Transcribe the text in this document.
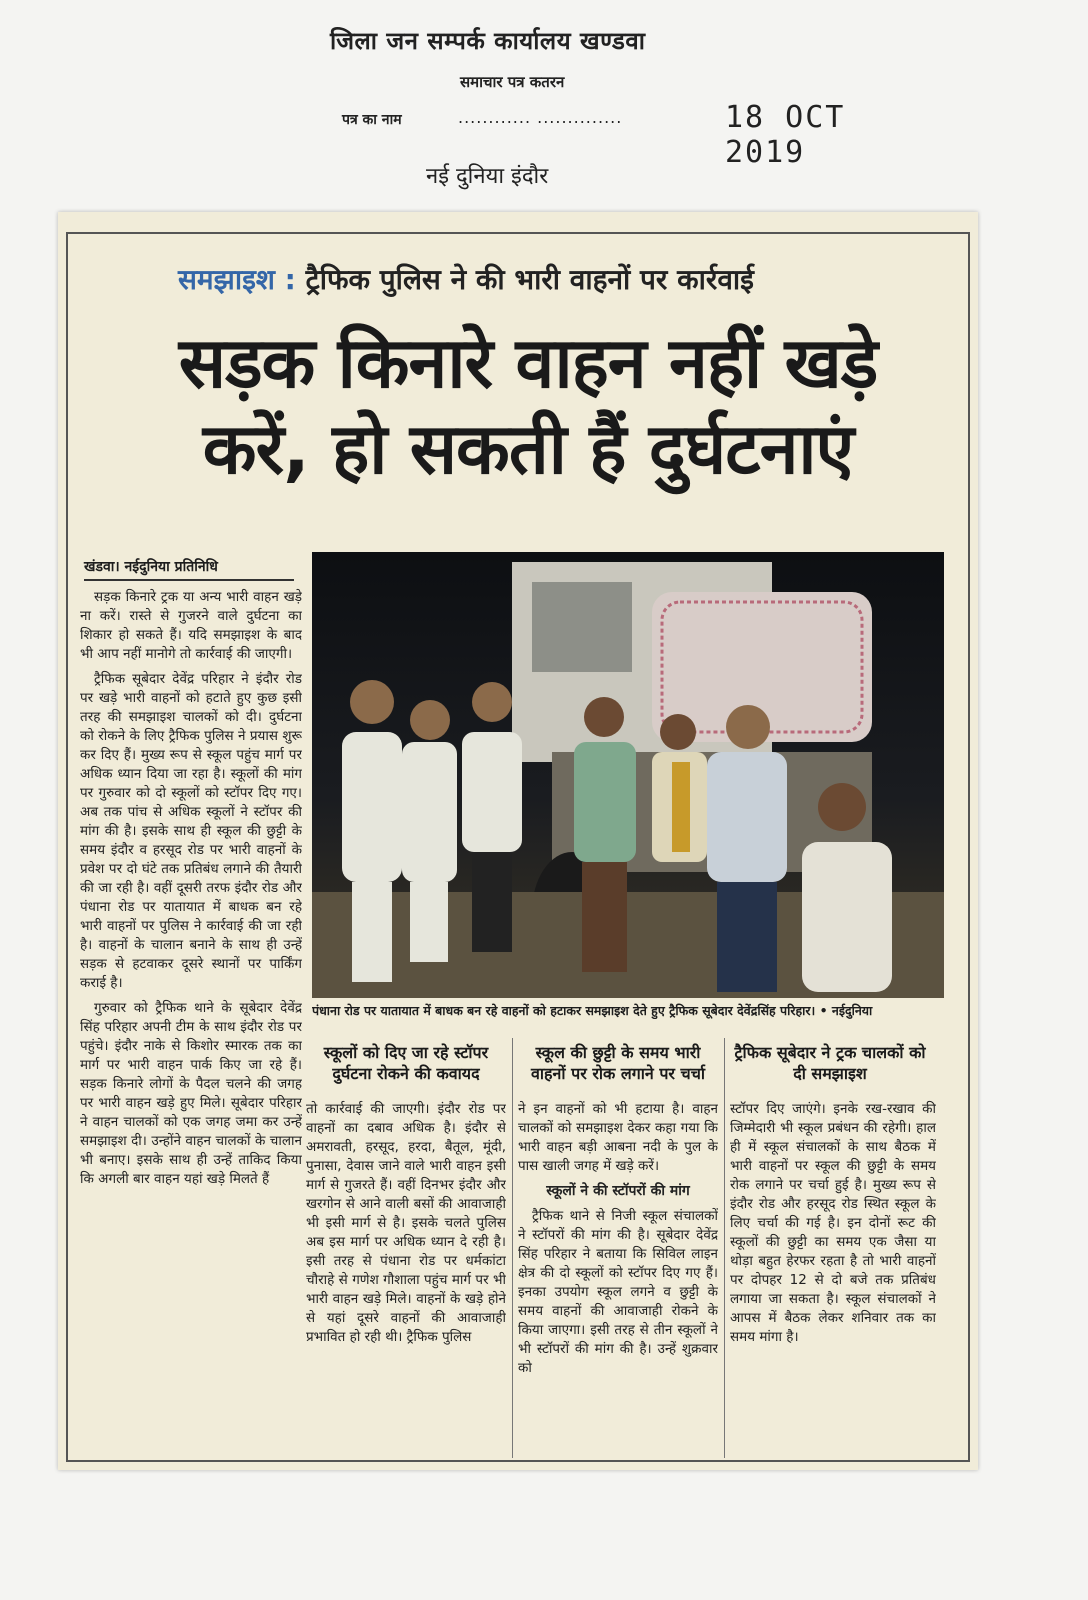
जिला जन सम्पर्क कार्यालय खण्डवा
समाचार पत्र कतरन
पत्र का नाम	............ ..............	18 OCT 2019
नई दुनिया इंदौर
समझाइश : ट्रैफिक पुलिस ने की भारी वाहनों पर कार्रवाई
सड़क किनारे वाहन नहीं खड़े
करें, हो सकती हैं दुर्घटनाएं
खंडवा। नईदुनिया प्रतिनिधि

सड़क किनारे ट्रक या अन्य भारी वाहन खड़े ना करें। रास्ते से गुजरने वाले दुर्घटना का शिकार हो सकते हैं। यदि समझाइश के बाद भी आप नहीं मानोगे तो कार्रवाई की जाएगी।

ट्रैफिक सूबेदार देवेंद्र परिहार ने इंदौर रोड पर खड़े भारी वाहनों को हटाते हुए कुछ इसी तरह की समझाइश चालकों को दी। दुर्घटना को रोकने के लिए ट्रैफिक पुलिस ने प्रयास शुरू कर दिए हैं। मुख्य रूप से स्कूल पहुंच मार्ग पर अधिक ध्यान दिया जा रहा है। स्कूलों की मांग पर गुरुवार को दो स्कूलों को स्टॉपर दिए गए। अब तक पांच से अधिक स्कूलों ने स्टॉपर की मांग की है। इसके साथ ही स्कूल की छुट्टी के समय इंदौर व हरसूद रोड पर भारी वाहनों के प्रवेश पर दो घंटे तक प्रतिबंध लगाने की तैयारी की जा रही है। वहीं दूसरी तरफ इंदौर रोड और पंधाना रोड पर यातायात में बाधक बन रहे भारी वाहनों पर पुलिस ने कार्रवाई की जा रही है। वाहनों के चालान बनाने के साथ ही उन्हें सड़क से हटवाकर दूसरे स्थानों पर पार्किंग कराई है।

गुरुवार को ट्रैफिक थाने के सूबेदार देवेंद्र सिंह परिहार अपनी टीम के साथ इंदौर रोड पर पहुंचे। इंदौर नाके से किशोर स्मारक तक का मार्ग पर भारी वाहन पार्क किए जा रहे हैं। सड़क किनारे लोगों के पैदल चलने की जगह पर भारी वाहन खड़े हुए मिले। सूबेदार परिहार ने वाहन चालकों को एक जगह जमा कर उन्हें समझाइश दी। उन्होंने वाहन चालकों के चालान भी बनाए। इसके साथ ही उन्हें ताकिद किया कि अगली बार वाहन यहां खड़े मिलते हैं

पंधाना रोड पर यातायात में बाधक बन रहे वाहनों को हटाकर समझाइश देते हुए ट्रैफिक सूबेदार देवेंद्रसिंह परिहार। • नईदुनिया
स्कूलों को दिए जा रहे स्टॉपर दुर्घटना रोकने की कवायद
स्कूल की छुट्टी के समय भारी वाहनों पर रोक लगाने पर चर्चा
ट्रैफिक सूबेदार ने ट्रक चालकों को दी समझाइश

तो कार्रवाई की जाएगी। इंदौर रोड पर वाहनों का दबाव अधिक है। इंदौर से अमरावती, हरसूद, हरदा, बैतूल, मूंदी, पुनासा, देवास जाने वाले भारी वाहन इसी मार्ग से गुजरते हैं। वहीं दिनभर इंदौर और खरगोन से आने वाली बसों की आवाजाही भी इसी मार्ग से है। इसके चलते पुलिस अब इस मार्ग पर अधिक ध्यान दे रही है। इसी तरह से पंधाना रोड पर धर्मकांटा चौराहे से गणेश गौशाला पहुंच मार्ग पर भी भारी वाहन खड़े मिले। वाहनों के खड़े होने से यहां दूसरे वाहनों की आवाजाही प्रभावित हो रही थी। ट्रैफिक पुलिस

ने इन वाहनों को भी हटाया है। वाहन चालकों को समझाइश देकर कहा गया कि भारी वाहन बड़ी आबना नदी के पुल के पास खाली जगह में खड़े करें।

स्कूलों ने की स्टॉपरों की मांग

ट्रैफिक थाने से निजी स्कूल संचालकों ने स्टॉपरों की मांग की है। सूबेदार देवेंद्र सिंह परिहार ने बताया कि सिविल लाइन क्षेत्र की दो स्कूलों को स्टॉपर दिए गए हैं। इनका उपयोग स्कूल लगने व छुट्टी के समय वाहनों की आवाजाही रोकने के किया जाएगा। इसी तरह से तीन स्कूलों ने भी स्टॉपरों की मांग की है। उन्हें शुक्रवार को

स्टॉपर दिए जाएंगे। इनके रख-रखाव की जिम्मेदारी भी स्कूल प्रबंधन की रहेगी। हाल ही में स्कूल संचालकों के साथ बैठक में भारी वाहनों पर स्कूल की छुट्टी के समय रोक लगाने पर चर्चा हुई है। मुख्य रूप से इंदौर रोड और हरसूद रोड स्थित स्कूल के लिए चर्चा की गई है। इन दोनों रूट की स्कूलों की छुट्टी का समय एक जैसा या थोड़ा बहुत हेरफर रहता है तो भारी वाहनों पर दोपहर 12 से दो बजे तक प्रतिबंध लगाया जा सकता है। स्कूल संचालकों ने आपस में बैठक लेकर शनिवार तक का समय मांगा है।
